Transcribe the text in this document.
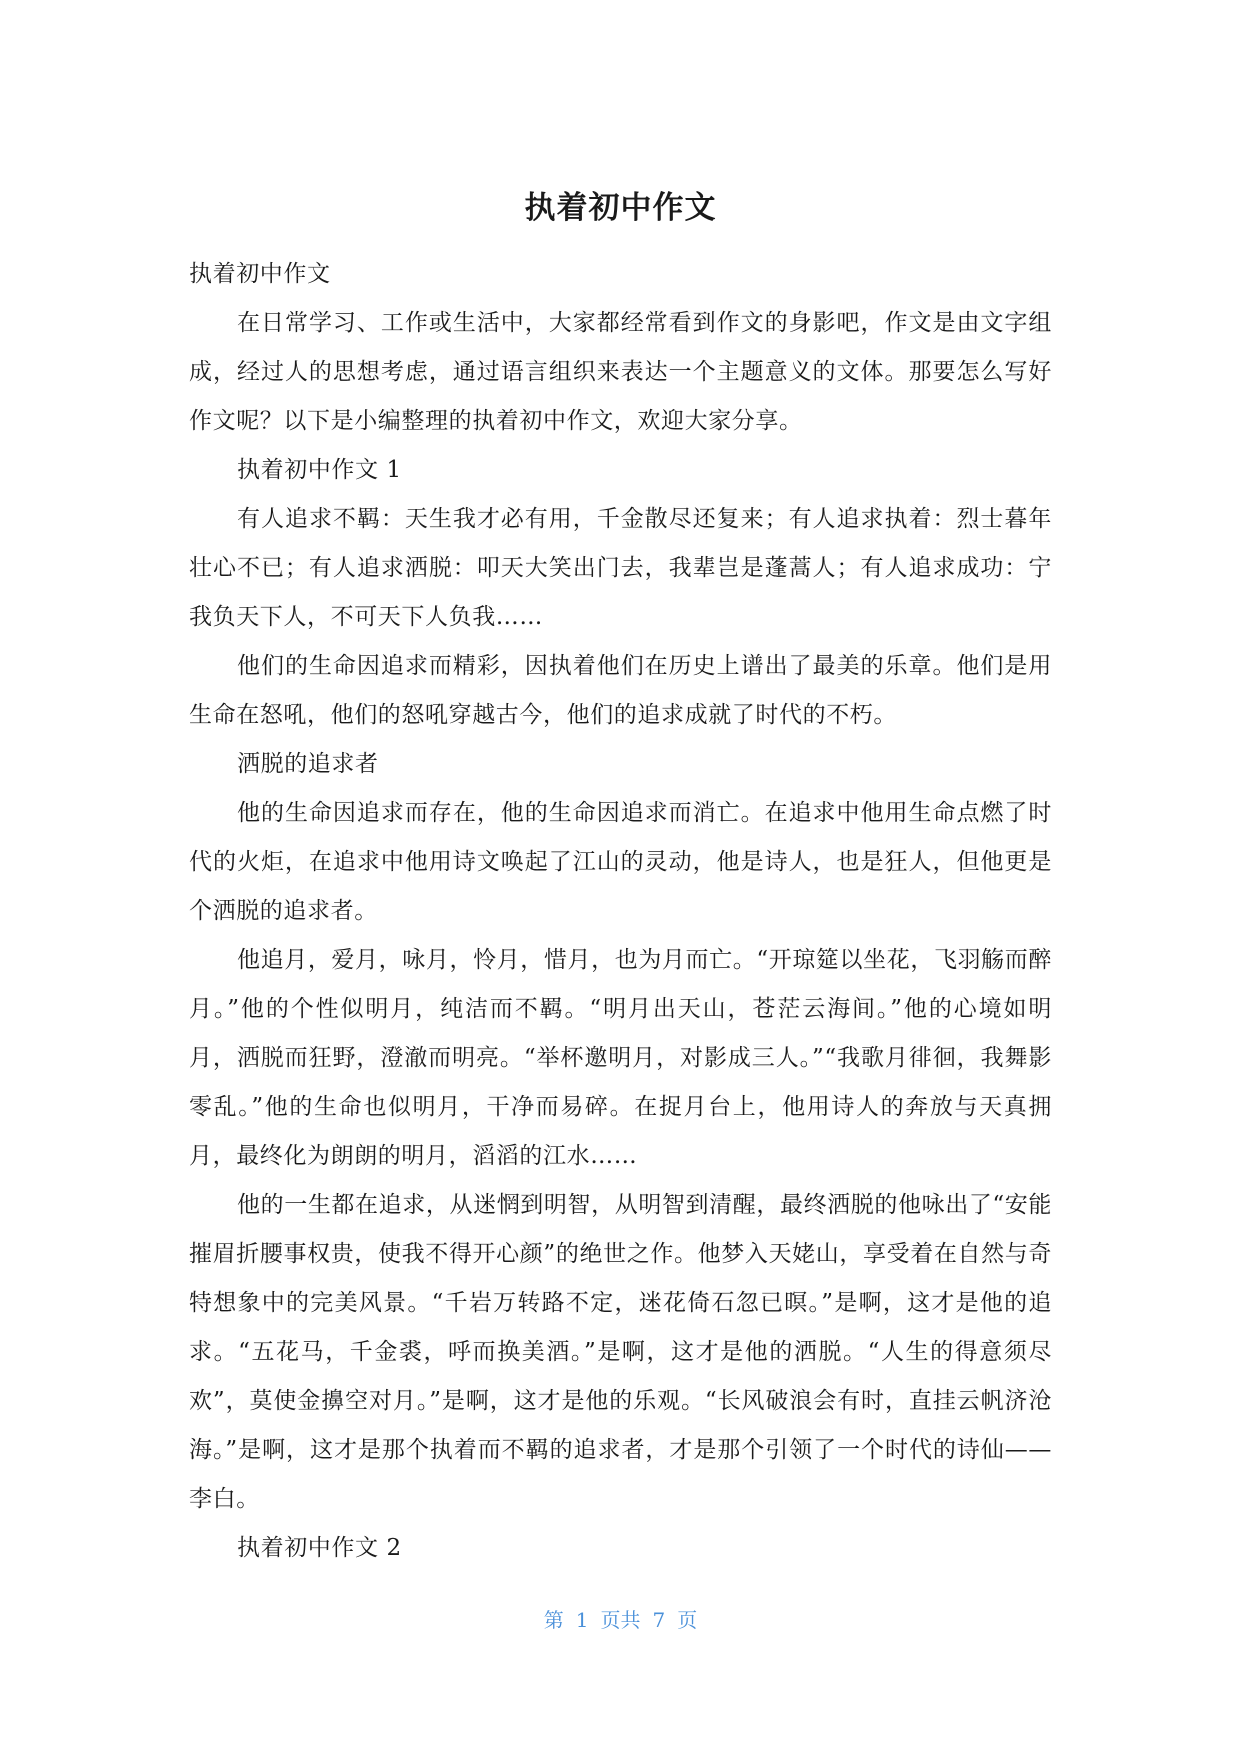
执着初中作文

执着初中作文

在日常学习、工作或生活中，大家都经常看到作文的身影吧，作文是由文字组成，经过人的思想考虑，通过语言组织来表达一个主题意义的文体。那要怎么写好作文呢？以下是小编整理的执着初中作文，欢迎大家分享。

执着初中作文 1

有人追求不羁：天生我才必有用，千金散尽还复来；有人追求执着：烈士暮年壮心不已；有人追求洒脱：叩天大笑出门去，我辈岂是蓬蒿人；有人追求成功：宁我负天下人，不可天下人负我……

他们的生命因追求而精彩，因执着他们在历史上谱出了最美的乐章。他们是用生命在怒吼，他们的怒吼穿越古今，他们的追求成就了时代的不朽。

洒脱的追求者

他的生命因追求而存在，他的生命因追求而消亡。在追求中他用生命点燃了时代的火炬，在追求中他用诗文唤起了江山的灵动，他是诗人，也是狂人，但他更是个洒脱的追求者。

他追月，爱月，咏月，怜月，惜月，也为月而亡。“开琼筵以坐花，飞羽觞而醉月。”他的个性似明月，纯洁而不羁。“明月出天山，苍茫云海间。”他的心境如明月，洒脱而狂野，澄澈而明亮。“举杯邀明月，对影成三人。”“我歌月徘徊，我舞影零乱。”他的生命也似明月，干净而易碎。在捉月台上，他用诗人的奔放与天真拥月，最终化为朗朗的明月，滔滔的江水……

他的一生都在追求，从迷惘到明智，从明智到清醒，最终洒脱的他咏出了“安能摧眉折腰事权贵，使我不得开心颜”的绝世之作。他梦入天姥山，享受着在自然与奇特想象中的完美风景。“千岩万转路不定，迷花倚石忽已暝。”是啊，这才是他的追求。“五花马，千金裘，呼而换美酒。”是啊，这才是他的洒脱。“人生的得意须尽欢”，莫使金擤空对月。”是啊，这才是他的乐观。“长风破浪会有时，直挂云帆济沧海。”是啊，这才是那个执着而不羁的追求者，才是那个引领了一个时代的诗仙——李白。

执着初中作文 2

第 1 页共 7 页
